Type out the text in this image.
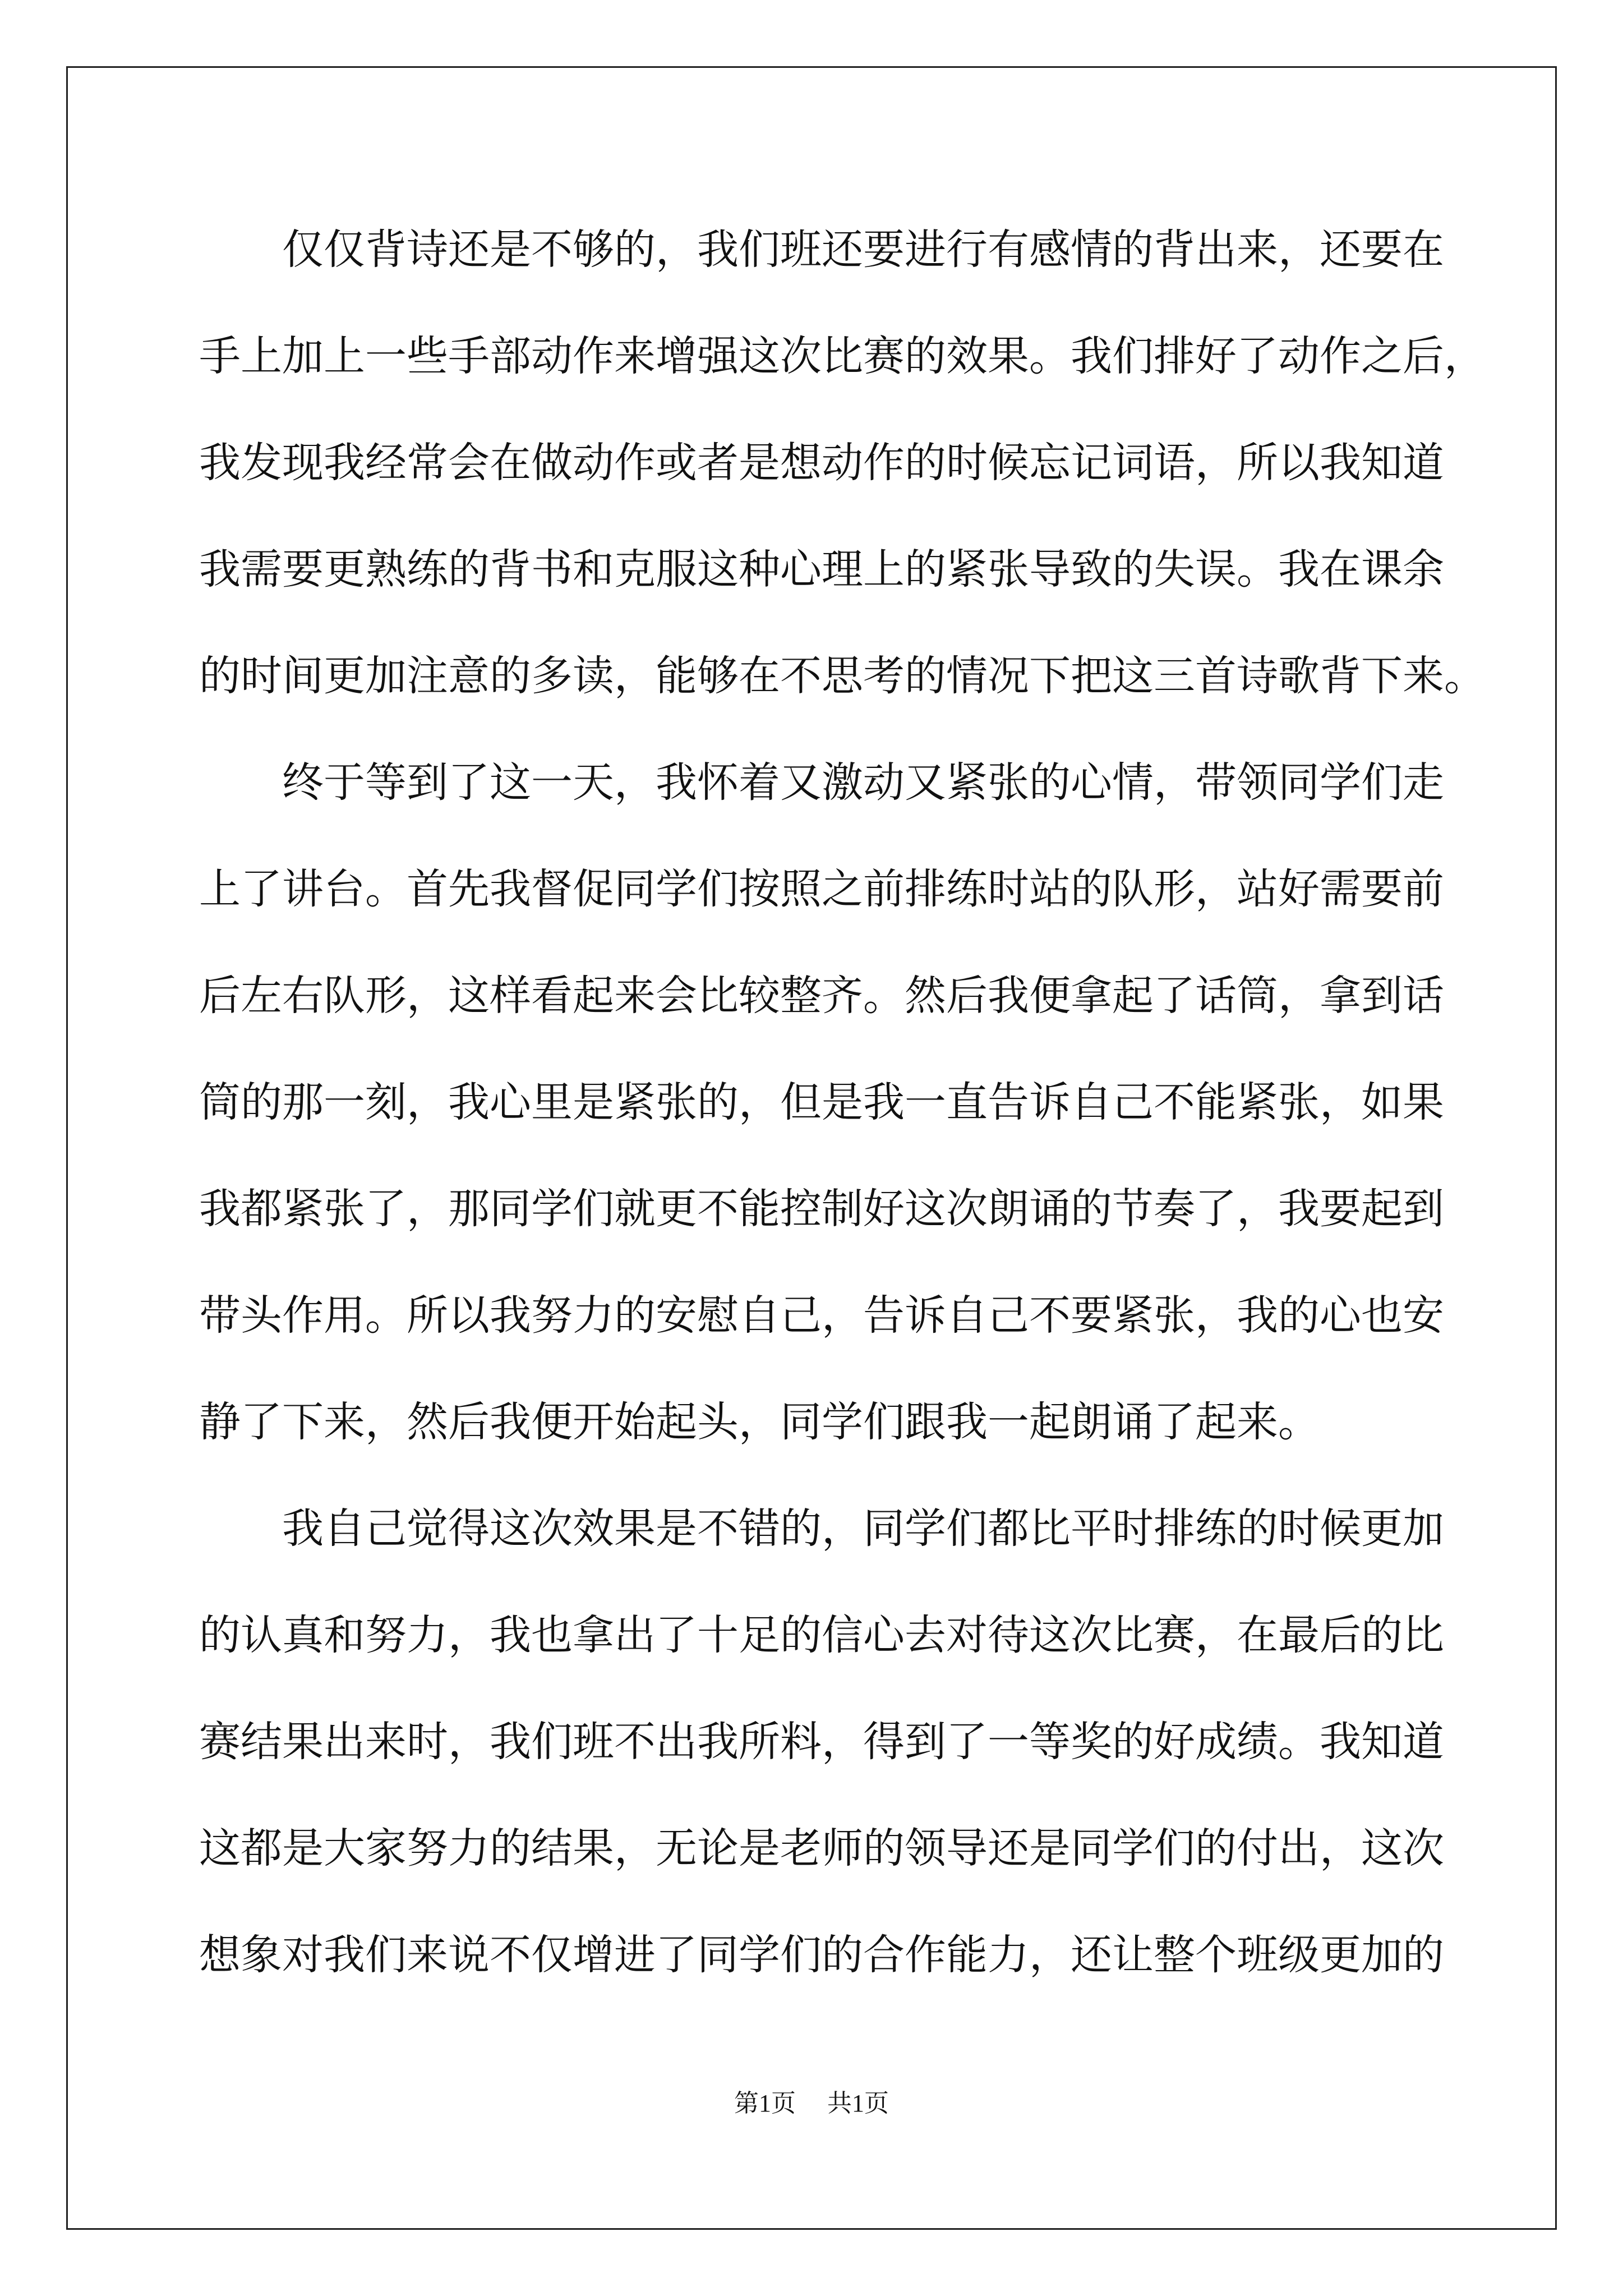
仅仅背诗还是不够的，我们班还要进行有感情的背出来，还要在
手上加上一些手部动作来增强这次比赛的效果。我们排好了动作之后，
我发现我经常会在做动作或者是想动作的时候忘记词语，所以我知道
我需要更熟练的背书和克服这种心理上的紧张导致的失误。我在课余
的时间更加注意的多读，能够在不思考的情况下把这三首诗歌背下来。
终于等到了这一天，我怀着又激动又紧张的心情，带领同学们走
上了讲台。首先我督促同学们按照之前排练时站的队形，站好需要前
后左右队形，这样看起来会比较整齐。然后我便拿起了话筒，拿到话
筒的那一刻，我心里是紧张的，但是我一直告诉自己不能紧张，如果
我都紧张了，那同学们就更不能控制好这次朗诵的节奏了，我要起到
带头作用。所以我努力的安慰自己，告诉自己不要紧张，我的心也安
静了下来，然后我便开始起头，同学们跟我一起朗诵了起来。
我自己觉得这次效果是不错的，同学们都比平时排练的时候更加
的认真和努力，我也拿出了十足的信心去对待这次比赛，在最后的比
赛结果出来时，我们班不出我所料，得到了一等奖的好成绩。我知道
这都是大家努力的结果，无论是老师的领导还是同学们的付出，这次
想象对我们来说不仅增进了同学们的合作能力，还让整个班级更加的
第1页 共1页
